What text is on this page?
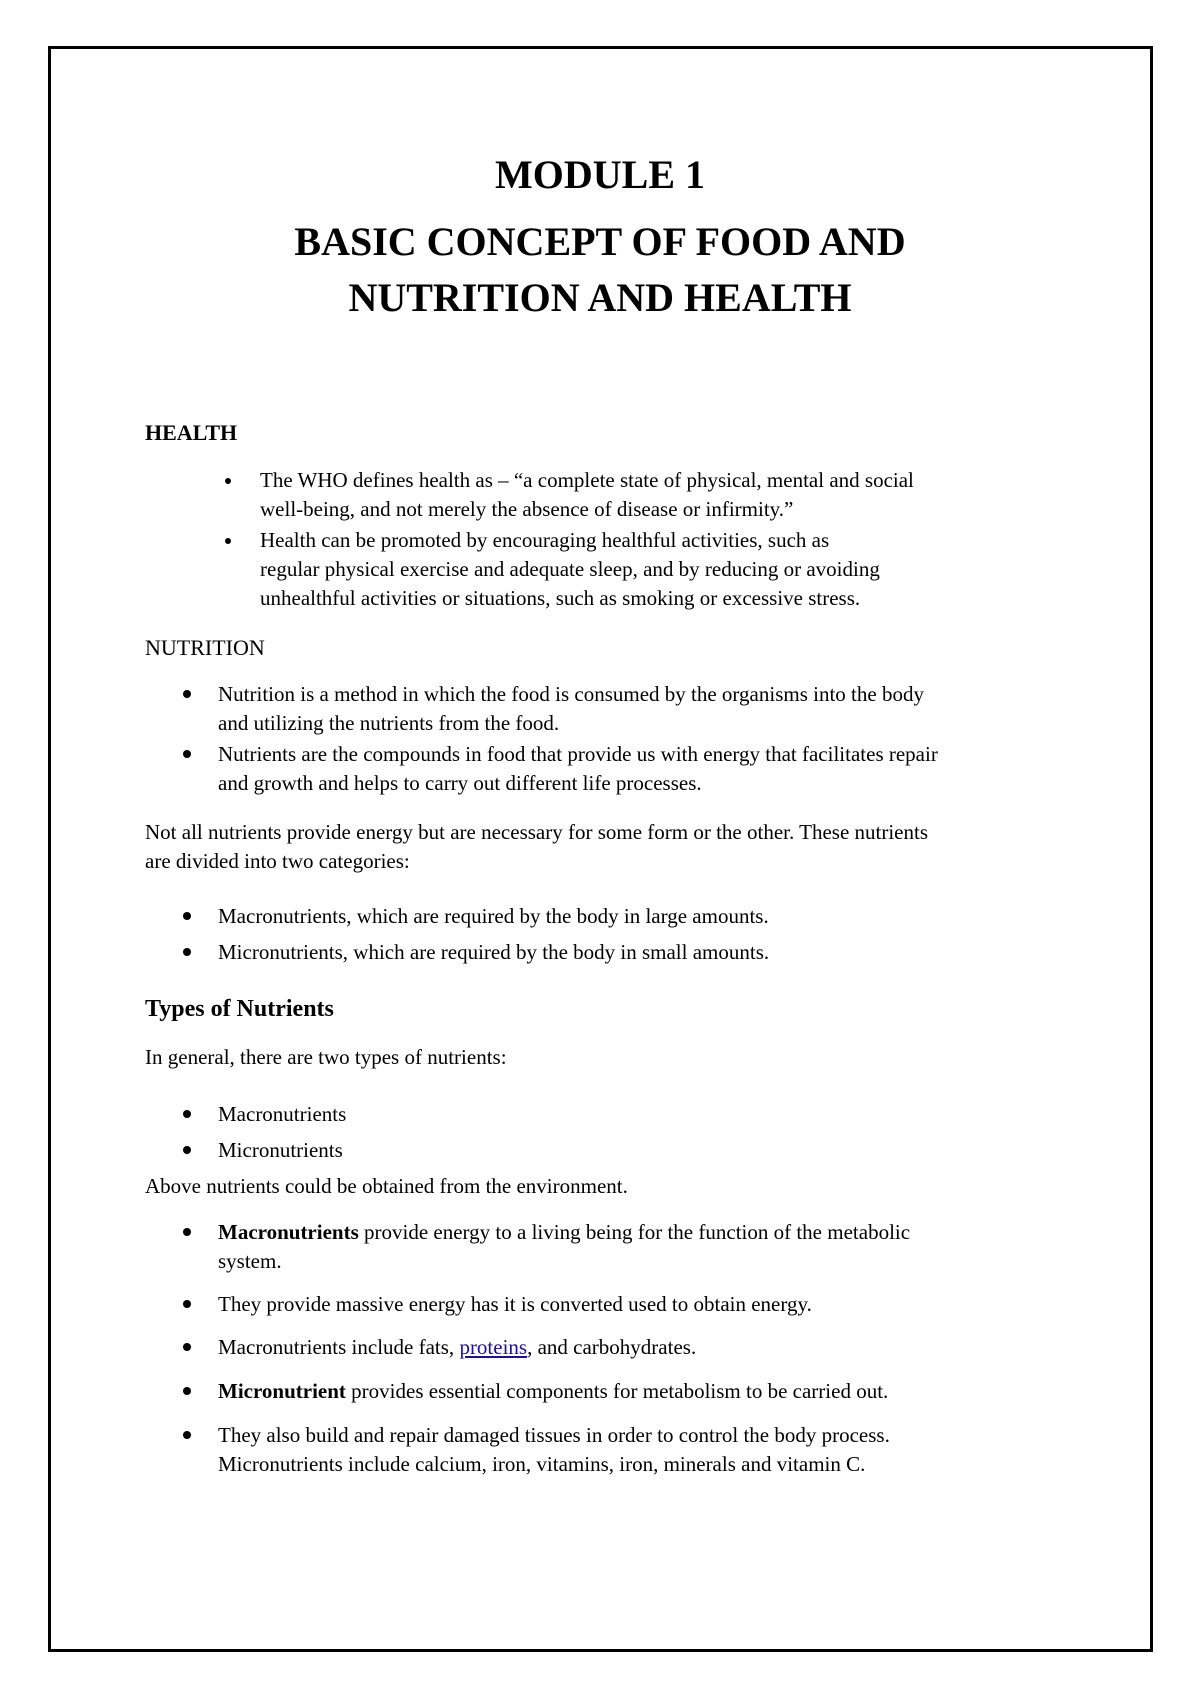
MODULE 1
BASIC CONCEPT OF FOOD AND
NUTRITION AND HEALTH
HEALTH
The WHO defines health as – “a complete state of physical, mental and social
well-being, and not merely the absence of disease or infirmity.”
Health can be promoted by encouraging healthful activities, such as
regular physical exercise and adequate sleep, and by reducing or avoiding
unhealthful activities or situations, such as smoking or excessive stress.
NUTRITION
Nutrition is a method in which the food is consumed by the organisms into the body
and utilizing the nutrients from the food.
Nutrients are the compounds in food that provide us with energy that facilitates repair
and growth and helps to carry out different life processes.
Not all nutrients provide energy but are necessary for some form or the other. These nutrients
are divided into two categories:
Macronutrients, which are required by the body in large amounts.
Micronutrients, which are required by the body in small amounts.
Types of Nutrients
In general, there are two types of nutrients:
Macronutrients
Micronutrients
Above nutrients could be obtained from the environment.
Macronutrients provide energy to a living being for the function of the metabolic
system.
They provide massive energy has it is converted used to obtain energy.
Macronutrients include fats, proteins, and carbohydrates.
Micronutrient provides essential components for metabolism to be carried out.
They also build and repair damaged tissues in order to control the body process.
Micronutrients include calcium, iron, vitamins, iron, minerals and vitamin C.
